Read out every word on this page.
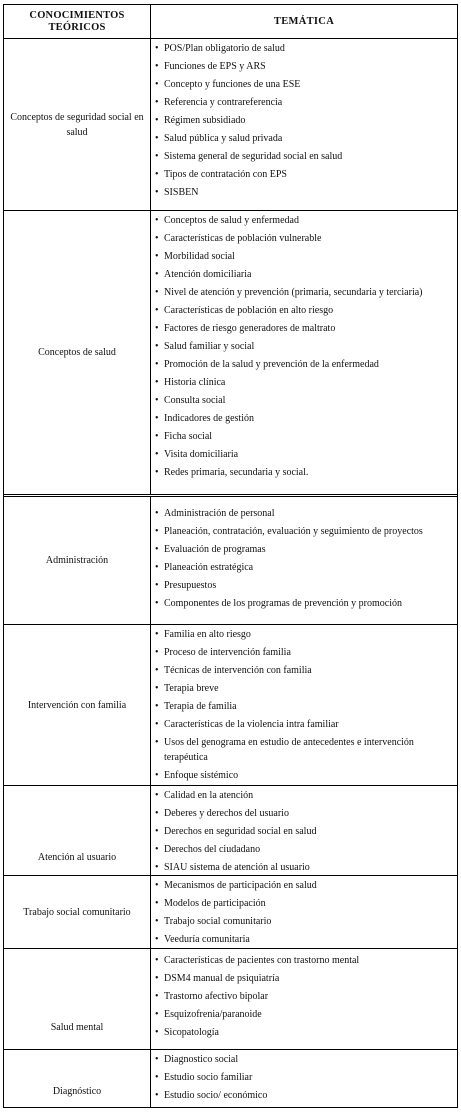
CONOCIMIENTOS TEÓRICOS	TEMÁTICA
Conceptos de seguridad social en salud
• POS/Plan obligatorio de salud
• Funciones de EPS y ARS
• Concepto y funciones de una ESE
• Referencia y contrareferencia
• Régimen subsidiado
• Salud pública y salud privada
• Sistema general de seguridad social en salud
• Tipos de contratación con EPS
• SISBEN
Conceptos de salud
• Conceptos de salud y enfermedad
• Características de población vulnerable
• Morbilidad social
• Atención domiciliaria
• Nivel de atención y prevención (primaria, secundaria y terciaria)
• Características de población en alto riesgo
• Factores de riesgo generadores de maltrato
• Salud familiar y social
• Promoción de la salud y prevención de la enfermedad
• Historia clínica
• Consulta social
• Indicadores de gestión
• Ficha social
• Visita domiciliaria
• Redes primaria, secundaria y social.
Administración
• Administración de personal
• Planeación, contratación, evaluación y seguimiento de proyectos
• Evaluación de programas
• Planeación estratégica
• Presupuestos
• Componentes de los programas de prevención y promoción
Intervención con familia
• Familia en alto riesgo
• Proceso de intervención familia
• Técnicas de intervención con familia
• Terapia breve
• Terapia de familia
• Características de la violencia intra familiar
• Usos del genograma en estudio de antecedentes e intervención terapéutica
• Enfoque sistémico
Atención al usuario
• Calidad en la atención
• Deberes y derechos del usuario
• Derechos en seguridad social en salud
• Derechos del ciudadano
• SIAU sistema de atención al usuario
Trabajo social comunitario
• Mecanismos de participación en salud
• Modelos de participación
• Trabajo social comunitario
• Veeduría comunitaria
Salud mental
• Características de pacientes con trastorno mental
• DSM4 manual de psiquiatría
• Trastorno afectivo bipolar
• Esquizofrenia/paranoide
• Sicopatología
Diagnóstico
• Diagnostico social
• Estudio socio familiar
• Estudio socio/ económico
